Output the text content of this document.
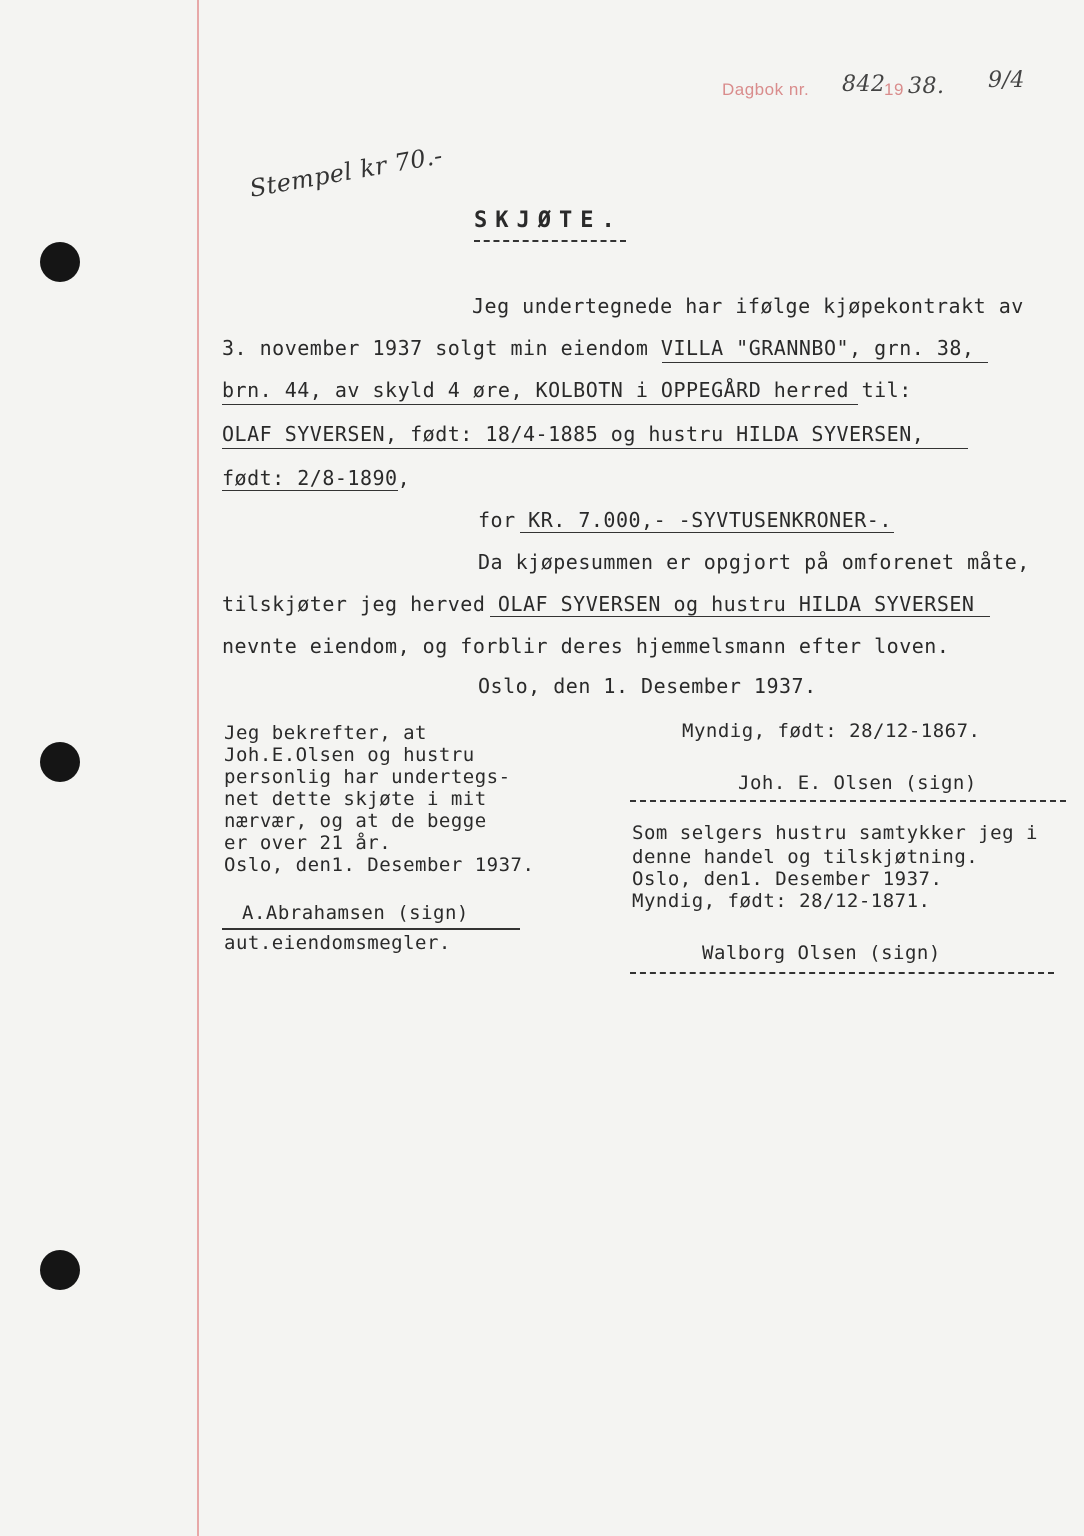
Dagbok nr. 842
19 38. 9/4
Stempel kr 70.-
SKJØTE.
Jeg undertegnede har ifølge kjøpekontrakt av
3. november 1937 solgt min eiendom VILLA "GRANNBO", grn. 38,
brn. 44, av skyld 4 øre, KOLBOTN i OPPEGÅRD herred til:
OLAF SYVERSEN, født: 18/4-1885 og hustru HILDA SYVERSEN,
født: 2/8-1890,
for KR. 7.000,- -SYVTUSENKRONER-.
Da kjøpesummen er opgjort på omforenet måte,
tilskjøter jeg herved OLAF SYVERSEN og hustru HILDA SYVERSEN
nevnte eiendom, og forblir deres hjemmelsmann efter loven.
Oslo, den 1. Desember 1937.
Jeg bekrefter, at
Joh.E.Olsen og hustru
personlig har undertegs-
net dette skjøte i mit
nærvær, og at de begge
er over 21 år.
Oslo, den1. Desember 1937.
A.Abrahamsen (sign)
aut.eiendomsmegler.
Myndig, født: 28/12-1867.
Joh. E. Olsen (sign)
Som selgers hustru samtykker jeg i
denne handel og tilskjøtning.
Oslo, den1. Desember 1937.
Myndig, født: 28/12-1871.
Walborg Olsen (sign)
